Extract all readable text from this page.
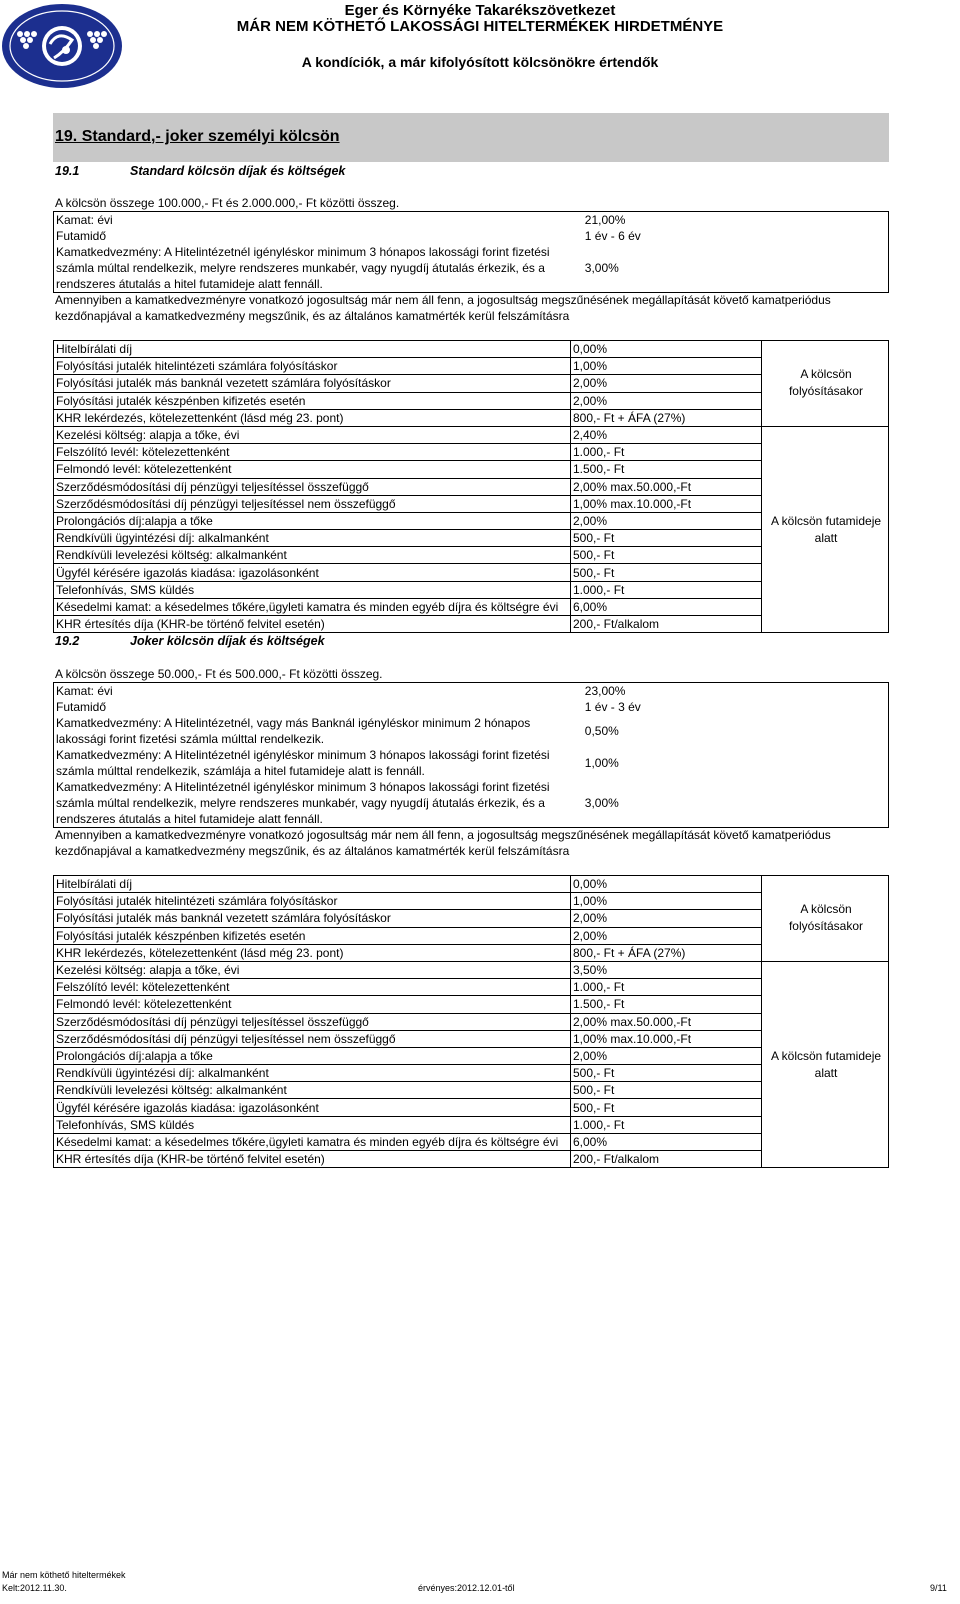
Eger és Környéke Takarékszövetkezet
MÁR NEM KÖTHETŐ LAKOSSÁGI HITELTERMÉKEK HIRDETMÉNYE
A kondíciók, a már kifolyósított kölcsönökre értendők
19. Standard,- joker személyi kölcsön
19.1	Standard kölcsön díjak és költségek
A kölcsön összege 100.000,- Ft és 2.000.000,- Ft közötti összeg.
Kamat: évi	21,00%
Futamidő	1 év - 6 év
Kamatkedvezmény: A Hitelintézetnél igényléskor minimum 3 hónapos lakossági forint fizetési számla múltal rendelkezik, melyre rendszeres munkabér, vagy nyugdíj átutalás érkezik, és a rendszeres átutalás a hitel futamideje alatt fennáll.	3,00%
Amennyiben a kamatkedvezményre vonatkozó jogosultság már nem áll fenn, a jogosultság megszűnésének megállapítását követő kamatperiódus kezdőnapjával a kamatkedvezmény megszűnik, és az általános kamatmérték kerül felszámításra
Hitelbírálati díj	0,00%	A kölcsön folyósításakor
Folyósítási jutalék hitelintézeti számlára folyósításkor	1,00%	
Folyósítási jutalék más banknál vezetett számlára folyósításkor	2,00%	
Folyósítási jutalék készpénben kifizetés esetén	2,00%	
KHR lekérdezés, kötelezettenként (lásd még 23. pont)	800,- Ft + ÁFA (27%)	
Kezelési költség: alapja a tőke, évi	2,40%	A kölcsön futamideje alatt
Felszólító levél: kötelezettenként	1.000,- Ft	
Felmondó levél: kötelezettenként	1.500,- Ft	
Szerződésmódosítási díj pénzügyi teljesítéssel összefüggő	2,00% max.50.000,-Ft	
Szerződésmódosítási díj pénzügyi teljesítéssel nem összefüggő	1,00% max.10.000,-Ft	
Prolongációs díj:alapja a tőke	2,00%	
Rendkívüli ügyintézési díj: alkalmanként	500,- Ft	
Rendkívüli levelezési költség: alkalmanként	500,- Ft	
Ügyfél kérésére igazolás kiadása: igazolásonként	500,- Ft	
Telefonhívás, SMS küldés	1.000,- Ft	
Késedelmi kamat: a késedelmes tőkére,ügyleti kamatra és minden egyéb díjra és költségre évi	6,00%	
KHR értesítés díja (KHR-be történő felvitel esetén)	200,- Ft/alkalom	
19.2	Joker kölcsön díjak és költségek
A kölcsön összege 50.000,- Ft és 500.000,- Ft közötti összeg.
Kamat: évi	23,00%
Futamidő	1 év - 3 év
Kamatkedvezmény: A Hitelintézetnél, vagy más Banknál igényléskor minimum 2 hónapos lakossági forint fizetési számla múlttal rendelkezik.	0,50%
Kamatkedvezmény: A Hitelintézetnél igényléskor minimum 3 hónapos lakossági forint fizetési számla múlttal rendelkezik, számlája a hitel futamideje alatt is fennáll.	1,00%
Kamatkedvezmény: A Hitelintézetnél igényléskor minimum 3 hónapos lakossági forint fizetési számla múltal rendelkezik, melyre rendszeres munkabér, vagy nyugdíj átutalás érkezik, és a rendszeres átutalás a hitel futamideje alatt fennáll.	3,00%
Amennyiben a kamatkedvezményre vonatkozó jogosultság már nem áll fenn, a jogosultság megszűnésének megállapítását követő kamatperiódus kezdőnapjával a kamatkedvezmény megszűnik, és az általános kamatmérték kerül felszámításra
Hitelbírálati díj	0,00%	A kölcsön folyósításakor
Folyósítási jutalék hitelintézeti számlára folyósításkor	1,00%	
Folyósítási jutalék más banknál vezetett számlára folyósításkor	2,00%	
Folyósítási jutalék készpénben kifizetés esetén	2,00%	
KHR lekérdezés, kötelezettenként (lásd még 23. pont)	800,- Ft + ÁFA (27%)	
Kezelési költség: alapja a tőke, évi	3,50%	A kölcsön futamideje alatt
Felszólító levél: kötelezettenként	1.000,- Ft	
Felmondó levél: kötelezettenként	1.500,- Ft	
Szerződésmódosítási díj pénzügyi teljesítéssel összefüggő	2,00% max.50.000,-Ft	
Szerződésmódosítási díj pénzügyi teljesítéssel nem összefüggő	1,00% max.10.000,-Ft	
Prolongációs díj:alapja a tőke	2,00%	
Rendkívüli ügyintézési díj: alkalmanként	500,- Ft	
Rendkívüli levelezési költség: alkalmanként	500,- Ft	
Ügyfél kérésére igazolás kiadása: igazolásonként	500,- Ft	
Telefonhívás, SMS küldés	1.000,- Ft	
Késedelmi kamat: a késedelmes tőkére,ügyleti kamatra és minden egyéb díjra és költségre évi	6,00%	
KHR értesítés díja (KHR-be történő felvitel esetén)	200,- Ft/alkalom	
Már nem köthető hiteltermékek
Kelt:2012.11.30.	érvényes:2012.12.01-től	9/11
